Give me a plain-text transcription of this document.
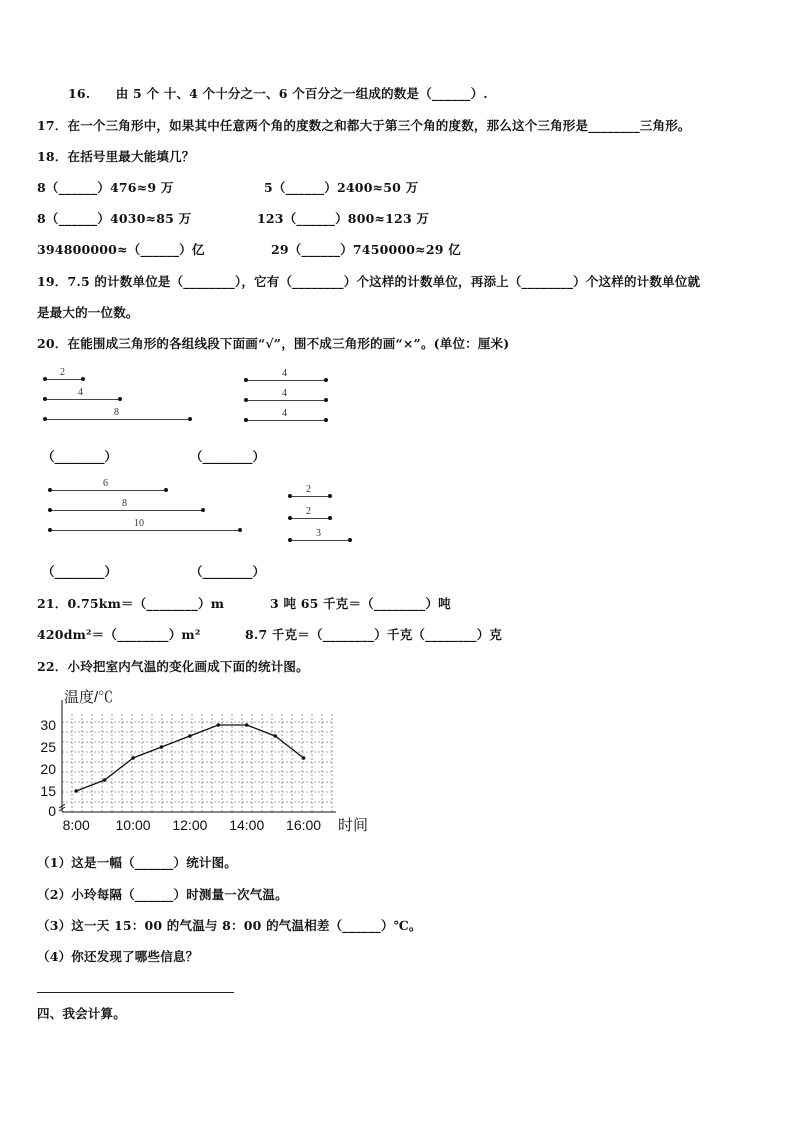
16.　　由 5 个 十、4 个十分之一、6 个百分之一组成的数是（______）.
17．在一个三角形中，如果其中任意两个角的度数之和都大于第三个角的度数，那么这个三角形是________三角形。
18．在括号里最大能填几？
8（______）476≈9 万	5（______）2400≈50 万
8（______）4030≈85 万	123（______）800≈123 万
394800000≈（______）亿	29（______）7450000≈29 亿
19．7.5 的计数单位是（________），它有（________）个这样的计数单位，再添上（________）个这样的计数单位就
是最大的一位数。
20．在能围成三角形的各组线段下面画“√”，围不成三角形的画“×”。(单位：厘米)
2
4
8
4
4
4
（________）	（________）
6
8
10
2
2
3
（________）	（________）
21．0.75km＝（________）m	3 吨 65 千克＝（________）吨
420dm²＝（________）m²	8.7 千克＝（________）千克（________）克
22．小玲把室内气温的变化画成下面的统计图。
0
15
20
25
30
8:00 10:00 12:00 14:00 16:00
温度/℃
时间
（1）这是一幅（______）统计图。
（2）小玲每隔（______）时测量一次气温。
（3）这一天 15：00 的气温与 8：00 的气温相差（______）℃。
（4）你还发现了哪些信息？
四、我会计算。
